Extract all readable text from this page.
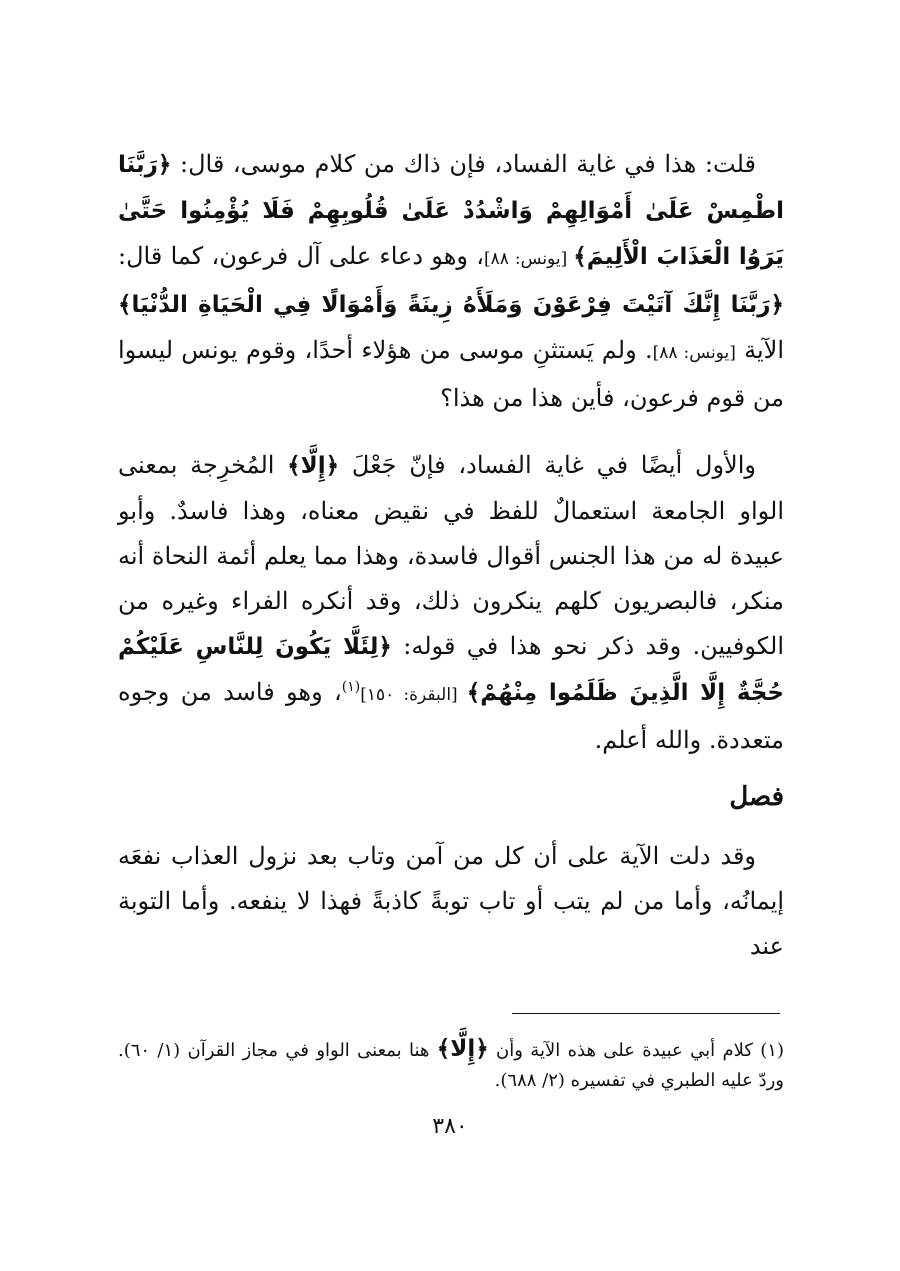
قلت: هذا في غاية الفساد، فإن ذاك من كلام موسى، قال: ﴿رَبَّنَا اطْمِسْ عَلَىٰ أَمْوَالِهِمْ وَاشْدُدْ عَلَىٰ قُلُوبِهِمْ فَلَا يُؤْمِنُوا حَتَّىٰ يَرَوُا الْعَذَابَ الْأَلِيمَ﴾ [يونس: ٨٨]، وهو دعاء على آل فرعون، كما قال: ﴿رَبَّنَا إِنَّكَ آتَيْتَ فِرْعَوْنَ وَمَلَأَهُ زِينَةً وَأَمْوَالًا فِي الْحَيَاةِ الدُّنْيَا﴾ الآية [يونس: ٨٨]. ولم يَستثنِ موسى من هؤلاء أحدًا، وقوم يونس ليسوا من قوم فرعون، فأين هذا من هذا؟

والأول أيضًا في غاية الفساد، فإنّ جَعْلَ ﴿إِلَّا﴾ المُخرِجة بمعنى الواو الجامعة استعمالٌ للفظ في نقيض معناه، وهذا فاسدٌ. وأبو عبيدة له من هذا الجنس أقوال فاسدة، وهذا مما يعلم أئمة النحاة أنه منكر، فالبصريون كلهم ينكرون ذلك، وقد أنكره الفراء وغيره من الكوفيين. وقد ذكر نحو هذا في قوله: ﴿لِئَلَّا يَكُونَ لِلنَّاسِ عَلَيْكُمْ حُجَّةٌ إِلَّا الَّذِينَ ظَلَمُوا مِنْهُمْ﴾ [البقرة: ١٥٠]$^{(١)}$، وهو فاسد من وجوه متعددة. والله أعلم.

فصل

وقد دلت الآية على أن كل من آمن وتاب بعد نزول العذاب نفعَه إيمانُه، وأما من لم يتب أو تاب توبةً كاذبةً فهذا لا ينفعه. وأما التوبة عند

(١) كلام أبي عبيدة على هذه الآية وأن ﴿إِلَّا﴾ هنا بمعنى الواو في مجاز القرآن (١/ ٦٠). وردّ عليه الطبري في تفسيره (٢/ ٦٨٨).

٣٨٠
